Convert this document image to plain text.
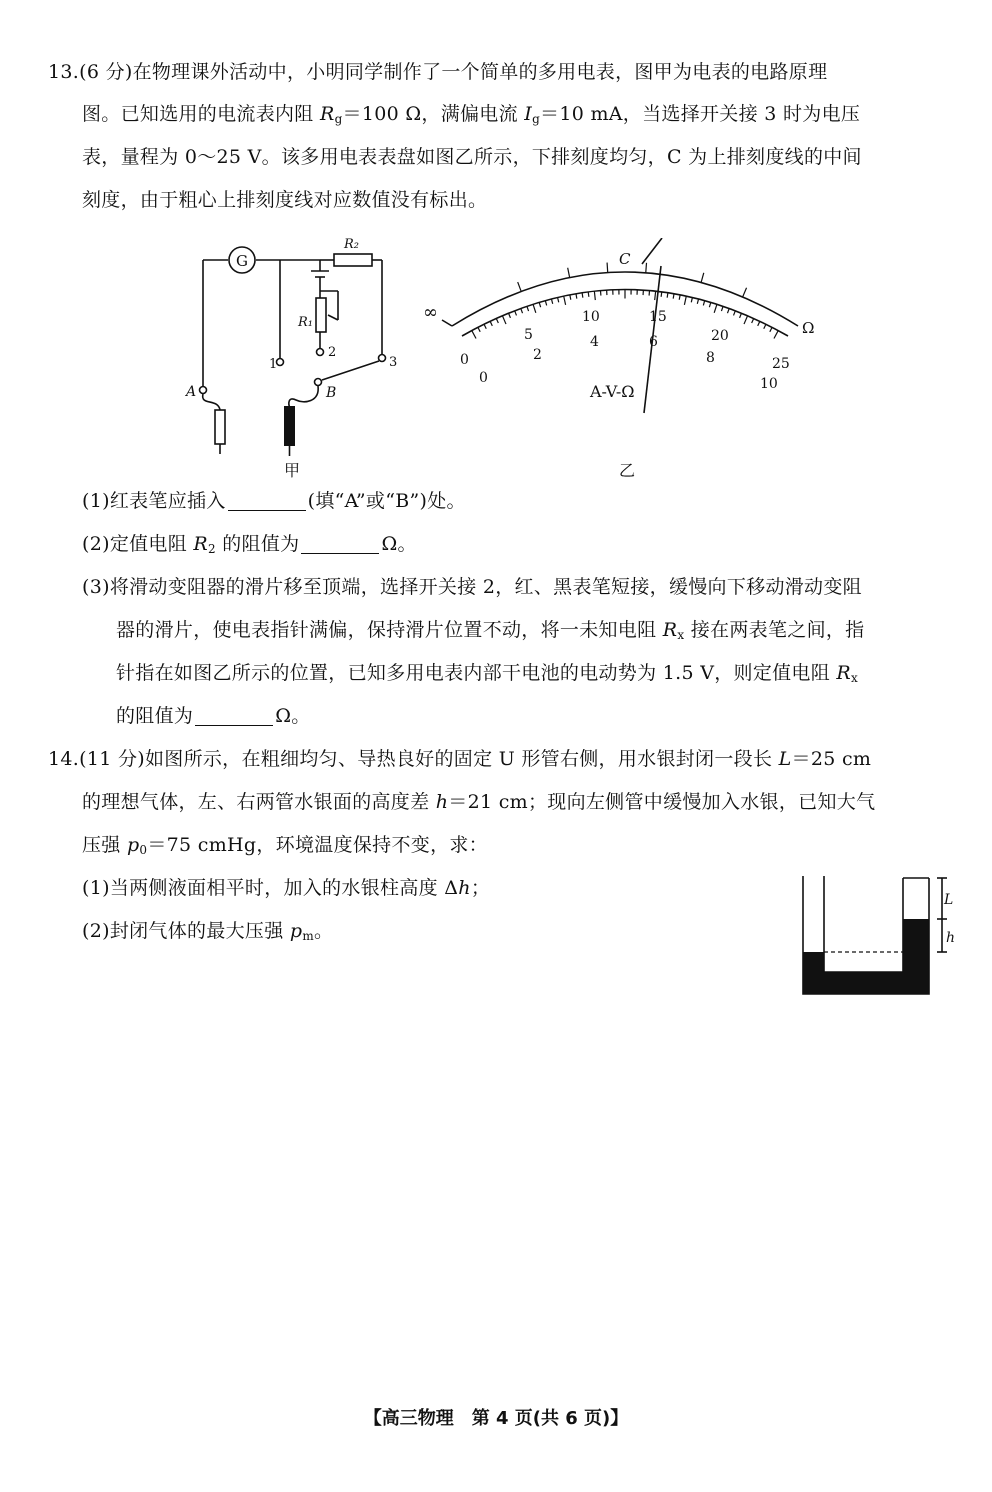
13.(6 分)在物理课外活动中，小明同学制作了一个简单的多用电表，图甲为电表的电路原理
图。已知选用的电流表内阻 $R_g=100$ Ω，满偏电流 $I_g=10$ mA，当选择开关接 3 时为电压
表，量程为 0～25 V。该多用电表表盘如图乙所示，下排刻度均匀，C 为上排刻度线的中间
刻度，由于粗心上排刻度线对应数值没有标出。
G
R₂
R₁
1
2
3
A	B
甲
∞
C
Ω
5
10	15
20
25
0	2
4	6
8
0	10
A-V-Ω
乙
(1)红表笔应插入	(填“A”或“B”)处。
(2)定值电阻 $R_2$ 的阻值为	Ω。
(3)将滑动变阻器的滑片移至顶端，选择开关接 2，红、黑表笔短接，缓慢向下移动滑动变阻
器的滑片，使电表指针满偏，保持滑片位置不动，将一未知电阻 $R_x$ 接在两表笔之间，指
针指在如图乙所示的位置，已知多用电表内部干电池的电动势为 1.5 V，则定值电阻 $R_x$
的阻值为	Ω。
14.(11 分)如图所示，在粗细均匀、导热良好的固定 U 形管右侧，用水银封闭一段长 L＝25 cm
的理想气体，左、右两管水银面的高度差 h＝21 cm；现向左侧管中缓慢加入水银，已知大气
压强 $p_0=75$ cmHg，环境温度保持不变，求：
(1)当两侧液面相平时，加入的水银柱高度 Δh；
(2)封闭气体的最大压强 $p_m$。
L
h
【高三物理　第 4 页(共 6 页)】
